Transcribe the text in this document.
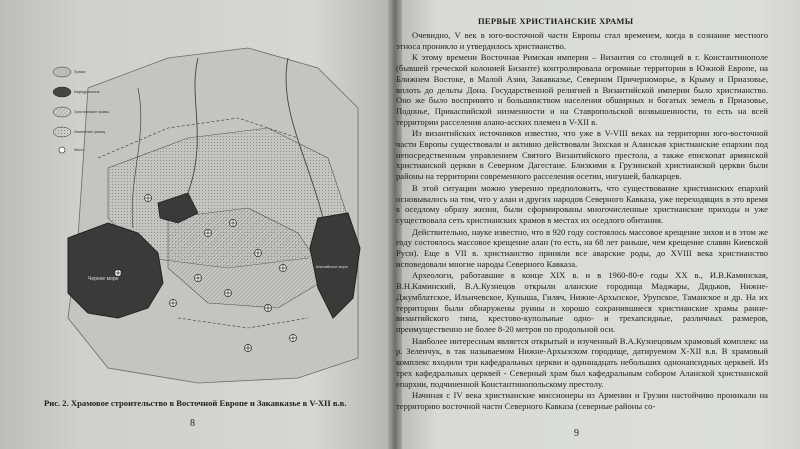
Храмы
Кафедральные
Христианские храмы
Изменение границ
Место
Черное море
Каспийское море
Рис. 2. Храмовое строительство в Восточной Европе и Закавказье в V-XII в.в.
8
ПЕРВЫЕ ХРИСТИАНСКИЕ ХРАМЫ

Очевидно, V век в юго-восточной части Европы стал временем, когда в сознание местного этноса проникло и утвердилось христианство.

К этому времени Восточная Римская империя – Византия со столицей в г. Константинополе (бывшей греческой колонией Бизанте) контролировала огромные территории в Южной Европе, на Ближнем Востоке, в Малой Азии, Закавказье, Северном Причерноморье, в Крыму и Приазовье, вплоть до дельты Дона. Государственной религией в Византийской империи было христианство. Оно же было воспринято и большинством населения обширных и богатых земель в Приазовье, Подонье, Прикаспийской низменности и на Ставропольской возвышенности, то есть на всей территории расселения алано-асских племен в V-XII в.

Из византийских источников известно, что уже в V-VIII веках на территории юго-восточной части Европы существовали и активно действовали Зихская и Аланская христианские епархии под непосредственным управлением Святого Византийского престола, а также епископат армянской христианской церкви в Северном Дагестане. Близкими к Грузинской христианской церкви были районы на территории современного расселения осетин, ингушей, балкарцев.

В этой ситуации можно уверенно предположить, что существование христианских епархий основывалось на том, что у алан и других народов Северного Кавказа, уже переходящих в это время к оседлому образу жизни, были сформированы многочисленные христианские приходы и уже существовала сеть христианских храмов в местах их оседлого обитания.

Действительно, науке известно, что в 920 году состоялось массовое крещение зихов и в этом же году состоялось массовое крещение алан (то есть, на 68 лет раньше, чем крещение славян Киевской Руси). Еще в VII в. христианство приняли все аварские роды, до XVIII века христианство исповедовали многие народы Северного Кавказа.

Археологи, работавшие в конце XIX в. и в 1960-80-е годы XX в., И.В.Каминская, В.Н.Каминский, В.А.Кузнецов открыли аланские городища Маджары, Дядьков, Нижне-Джумблатское, Ильичевское, Куныша, Гиляч, Нижне-Архызское, Урупское, Таманское и др. На их территории были обнаружены руины и хорошо сохранившиеся христианские храмы ранне-византийского типа, крестово-купольные одно- и трехапсидные, различных размеров, преимущественно не более 8-20 метров по продольной оси.

Наиболее интересным является открытый и изученный В.А.Кузнецовым храмовый комплекс на р. Зеленчук, в так называемом Нижне-Архызском городище, датируемом X-XII в.в. В храмовый комплекс входили три кафедральных церкви и одиннадцать небольших однонапсидных церквей. Из трех кафедральных церквей - Северный храм был кафедральным собором Аланской христианской епархии, подчиненной Константинопольскому престолу.

Начиная с IV века христианские миссионеры из Армении и Грузии настойчиво проникали на территорию восточной части Северного Кавказа (северные районы со-

9
